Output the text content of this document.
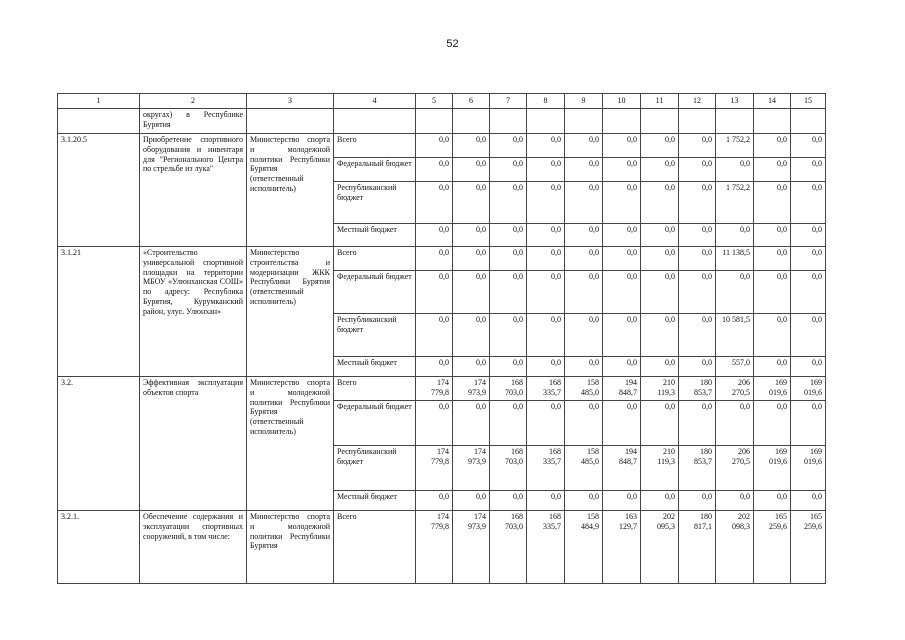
52
1	2	3	4	5	6	7	8	9	10	11	12	13	14	15
	округах) в Республике Бурятия													
3.1.20.5	Приобретение спортивного оборудования и инвентаря для "Регионального Центра по стрельбе из лука"	Министерство спорта и молодежной политики Республики Бурятия (ответственный исполнитель)	Всего	0,0	0,0	0,0	0,0	0,0	0,0	0,0	0,0	1 752,2	0,0	0,0
			Федеральный бюджет	0,0	0,0	0,0	0,0	0,0	0,0	0,0	0,0	0,0	0,0	0,0
			Республиканский бюджет	0,0	0,0	0,0	0,0	0,0	0,0	0,0	0,0	1 752,2	0,0	0,0
			Местный бюджет	0,0	0,0	0,0	0,0	0,0	0,0	0,0	0,0	0,0	0,0	0,0
3.1.21	«Строительство универсальной спортивной площадки на территории МБОУ «Улюнханская СОШ» по адресу: Республика Бурятия, Курумканский район, улус. Улюнхан»	Министерство строительства и модернизации ЖКК Республики Бурятия (ответственный исполнитель)	Всего	0,0	0,0	0,0	0,0	0,0	0,0	0,0	0,0	11 138,5	0,0	0,0
			Федеральный бюджет	0,0	0,0	0,0	0,0	0,0	0,0	0,0	0,0	0,0	0,0	0,0
			Республиканский бюджет	0,0	0,0	0,0	0,0	0,0	0,0	0,0	0,0	10 581,5	0,0	0,0
			Местный бюджет	0,0	0,0	0,0	0,0	0,0	0,0	0,0	0,0	557,0	0,0	0,0
3.2.	Эффективная эксплуатация объектов спорта	Министерство спорта и молодежной политики Республики Бурятия (ответственный исполнитель)	Всего	174 779,8	174 973,9	168 703,0	168 335,7	158 485,0	194 848,7	210 119,3	180 853,7	206 270,5	169 019,6	169 019,6
			Федеральный бюджет	0,0	0,0	0,0	0,0	0,0	0,0	0,0	0,0	0,0	0,0	0,0
			Республиканский бюджет	174 779,8	174 973,9	168 703,0	168 335,7	158 485,0	194 848,7	210 119,3	180 853,7	206 270,5	169 019,6	169 019,6
			Местный бюджет	0,0	0,0	0,0	0,0	0,0	0,0	0,0	0,0	0,0	0,0	0,0
3.2.1.	Обеспечение содержания и эксплуатации спортивных сооружений, в том числе:	Министерство спорта и молодежной политики Республики Бурятия	Всего	174 779,8	174 973,9	168 703,0	168 335,7	158 484,9	163 129,7	202 095,3	180 817,1	202 098,3	165 259,6	165 259,6
